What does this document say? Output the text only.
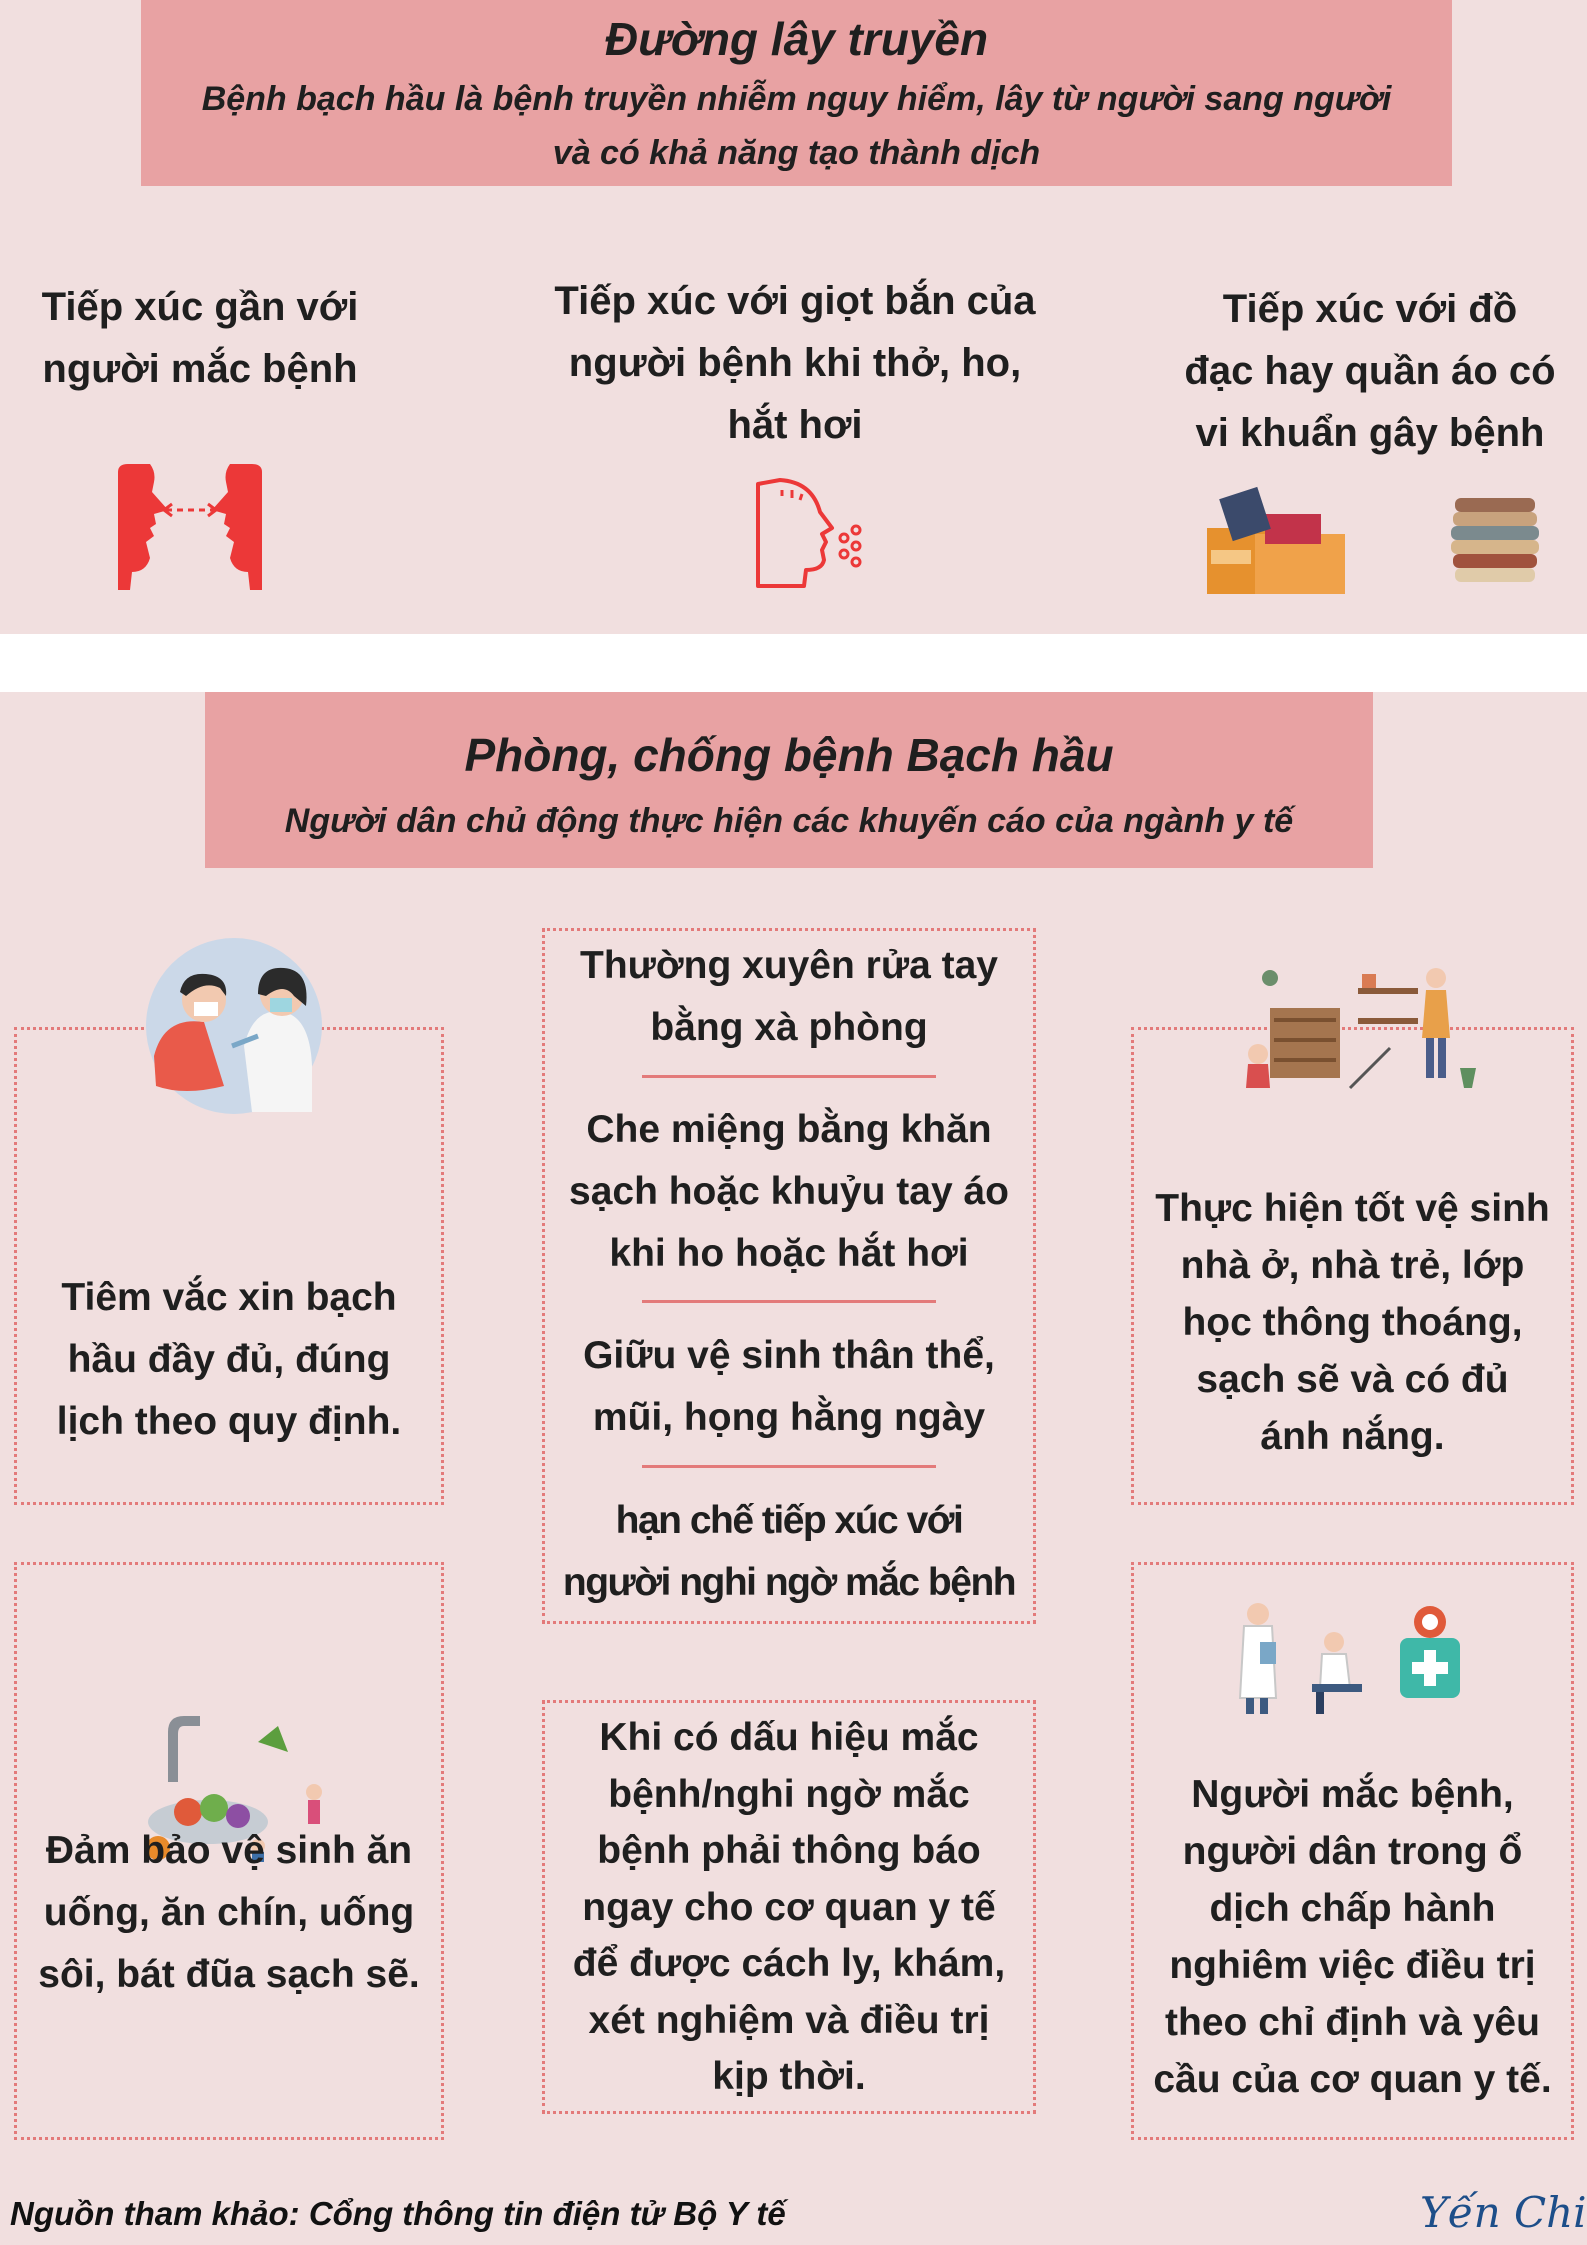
Đường lây truyền
Bệnh bạch hầu là bệnh truyền nhiễm nguy hiểm, lây từ người sang người
và có khả năng tạo thành dịch
Tiếp xúc gần với
người mắc bệnh
Tiếp xúc với giọt bắn của
người bệnh khi thở, ho,
hắt hơi
Tiếp xúc với đồ
đạc hay quần áo có
vi khuẩn gây bệnh
Phòng, chống bệnh Bạch hầu
Người dân chủ động thực hiện các khuyến cáo của ngành y tế
Tiêm vắc xin bạch
hầu đầy đủ, đúng
lịch theo quy định.
Thường xuyên rửa tay
bằng xà phòng
Che miệng bằng khăn
sạch hoặc khuỷu tay áo
khi ho hoặc hắt hơi
Giữu vệ sinh thân thể,
mũi, họng hằng ngày
hạn chế tiếp xúc với
người nghi ngờ mắc bệnh
Thực hiện tốt vệ sinh
nhà ở, nhà trẻ, lớp
học thông thoáng,
sạch sẽ và có đủ
ánh nắng.
Đảm bảo vệ sinh ăn
uống, ăn chín, uống
sôi, bát đũa sạch sẽ.
Khi có dấu hiệu mắc
bệnh/nghi ngờ mắc
bệnh phải thông báo
ngay cho cơ quan y tế
để được cách ly, khám,
xét nghiệm và điều trị
kịp thời.
Người mắc bệnh,
người dân trong ổ
dịch chấp hành
nghiêm việc điều trị
theo chỉ định và yêu
cầu của cơ quan y tế.
Nguồn tham khảo: Cổng thông tin điện tử Bộ Y tế	Yến Chi
